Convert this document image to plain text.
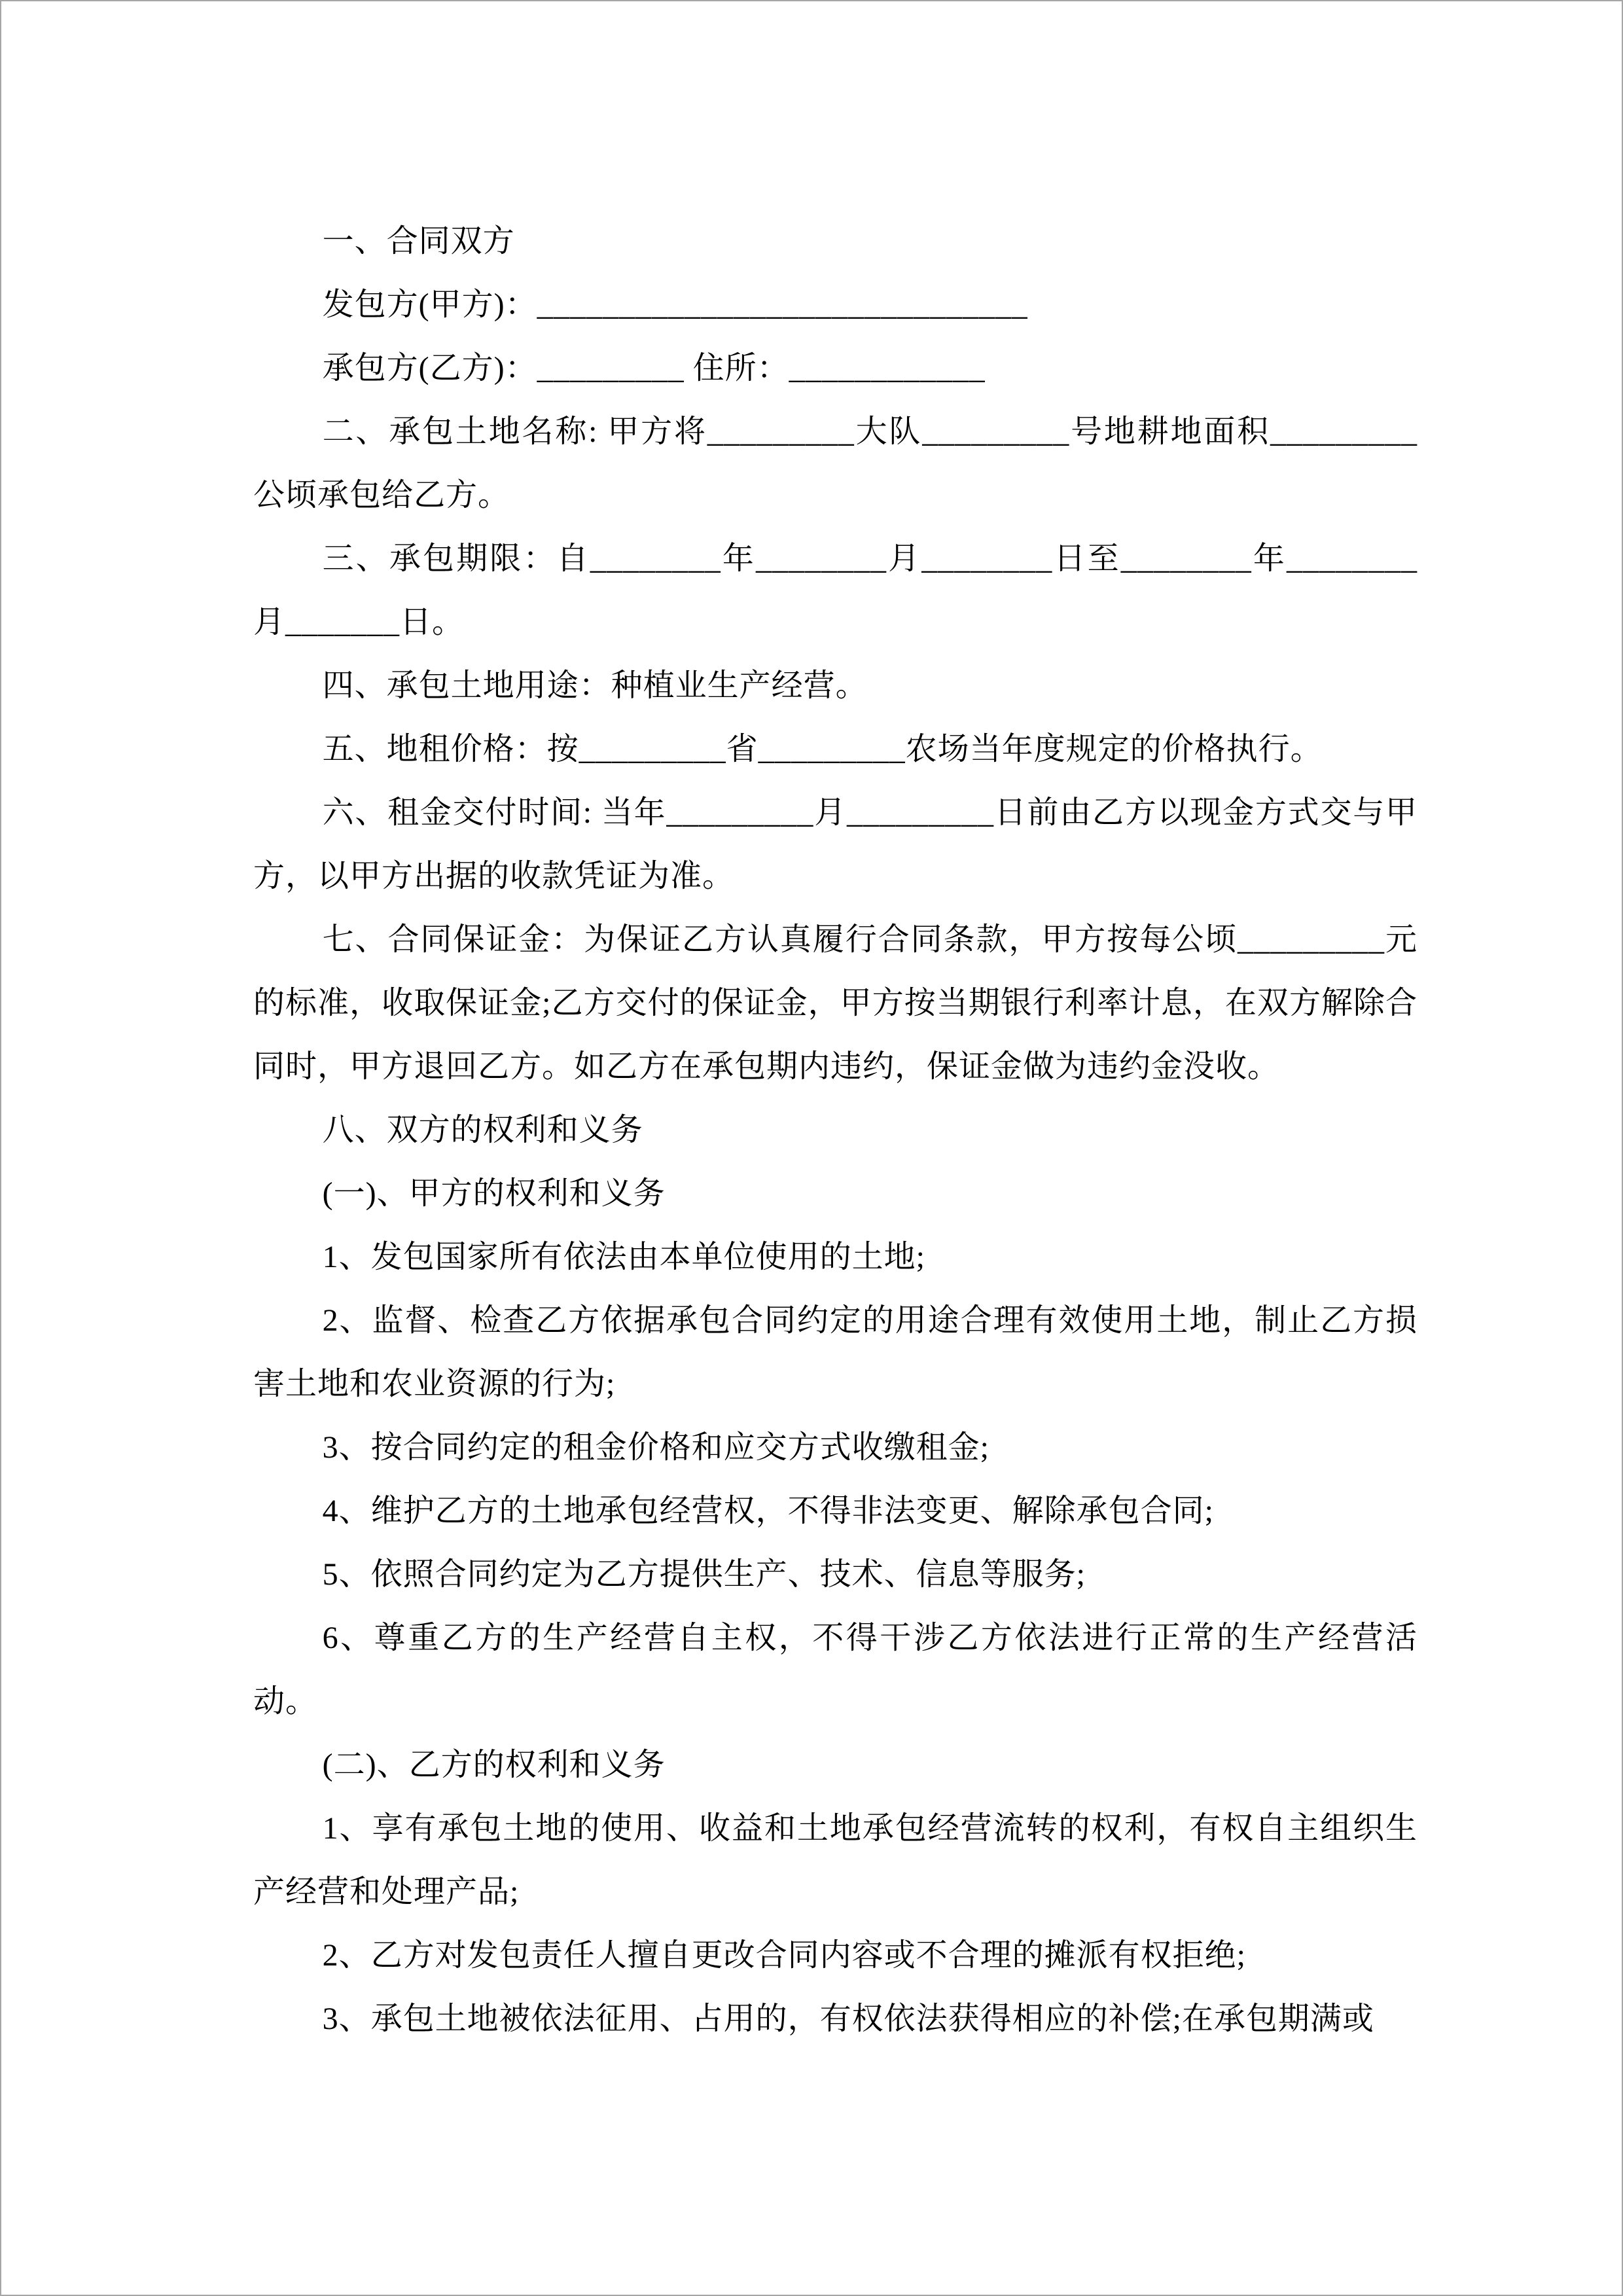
一、合同双方

发包方(甲方)：______________________________

承包方(乙方)：_________ 住所：____________

二、承包土地名称: 甲方将_________大队_________号地耕地面积_________公顷承包给乙方。

三、承包期限：自________年________月________日至________年________月_______日。

四、承包土地用途：种植业生产经营。

五、地租价格：按_________省_________农场当年度规定的价格执行。

六、租金交付时间: 当年_________月_________日前由乙方以现金方式交与甲方，以甲方出据的收款凭证为准。

七、合同保证金：为保证乙方认真履行合同条款，甲方按每公顷_________元的标准，收取保证金;乙方交付的保证金，甲方按当期银行利率计息，在双方解除合同时，甲方退回乙方。如乙方在承包期内违约，保证金做为违约金没收。

八、双方的权利和义务

(一)、甲方的权利和义务

1、发包国家所有依法由本单位使用的土地;

2、监督、检查乙方依据承包合同约定的用途合理有效使用土地，制止乙方损害土地和农业资源的行为;

3、按合同约定的租金价格和应交方式收缴租金;

4、维护乙方的土地承包经营权，不得非法变更、解除承包合同;

5、依照合同约定为乙方提供生产、技术、信息等服务;

6、尊重乙方的生产经营自主权，不得干涉乙方依法进行正常的生产经营活动。

(二)、乙方的权利和义务

1、享有承包土地的使用、收益和土地承包经营流转的权利，有权自主组织生产经营和处理产品;

2、乙方对发包责任人擅自更改合同内容或不合理的摊派有权拒绝;

3、承包土地被依法征用、占用的，有权依法获得相应的补偿;在承包期满或
